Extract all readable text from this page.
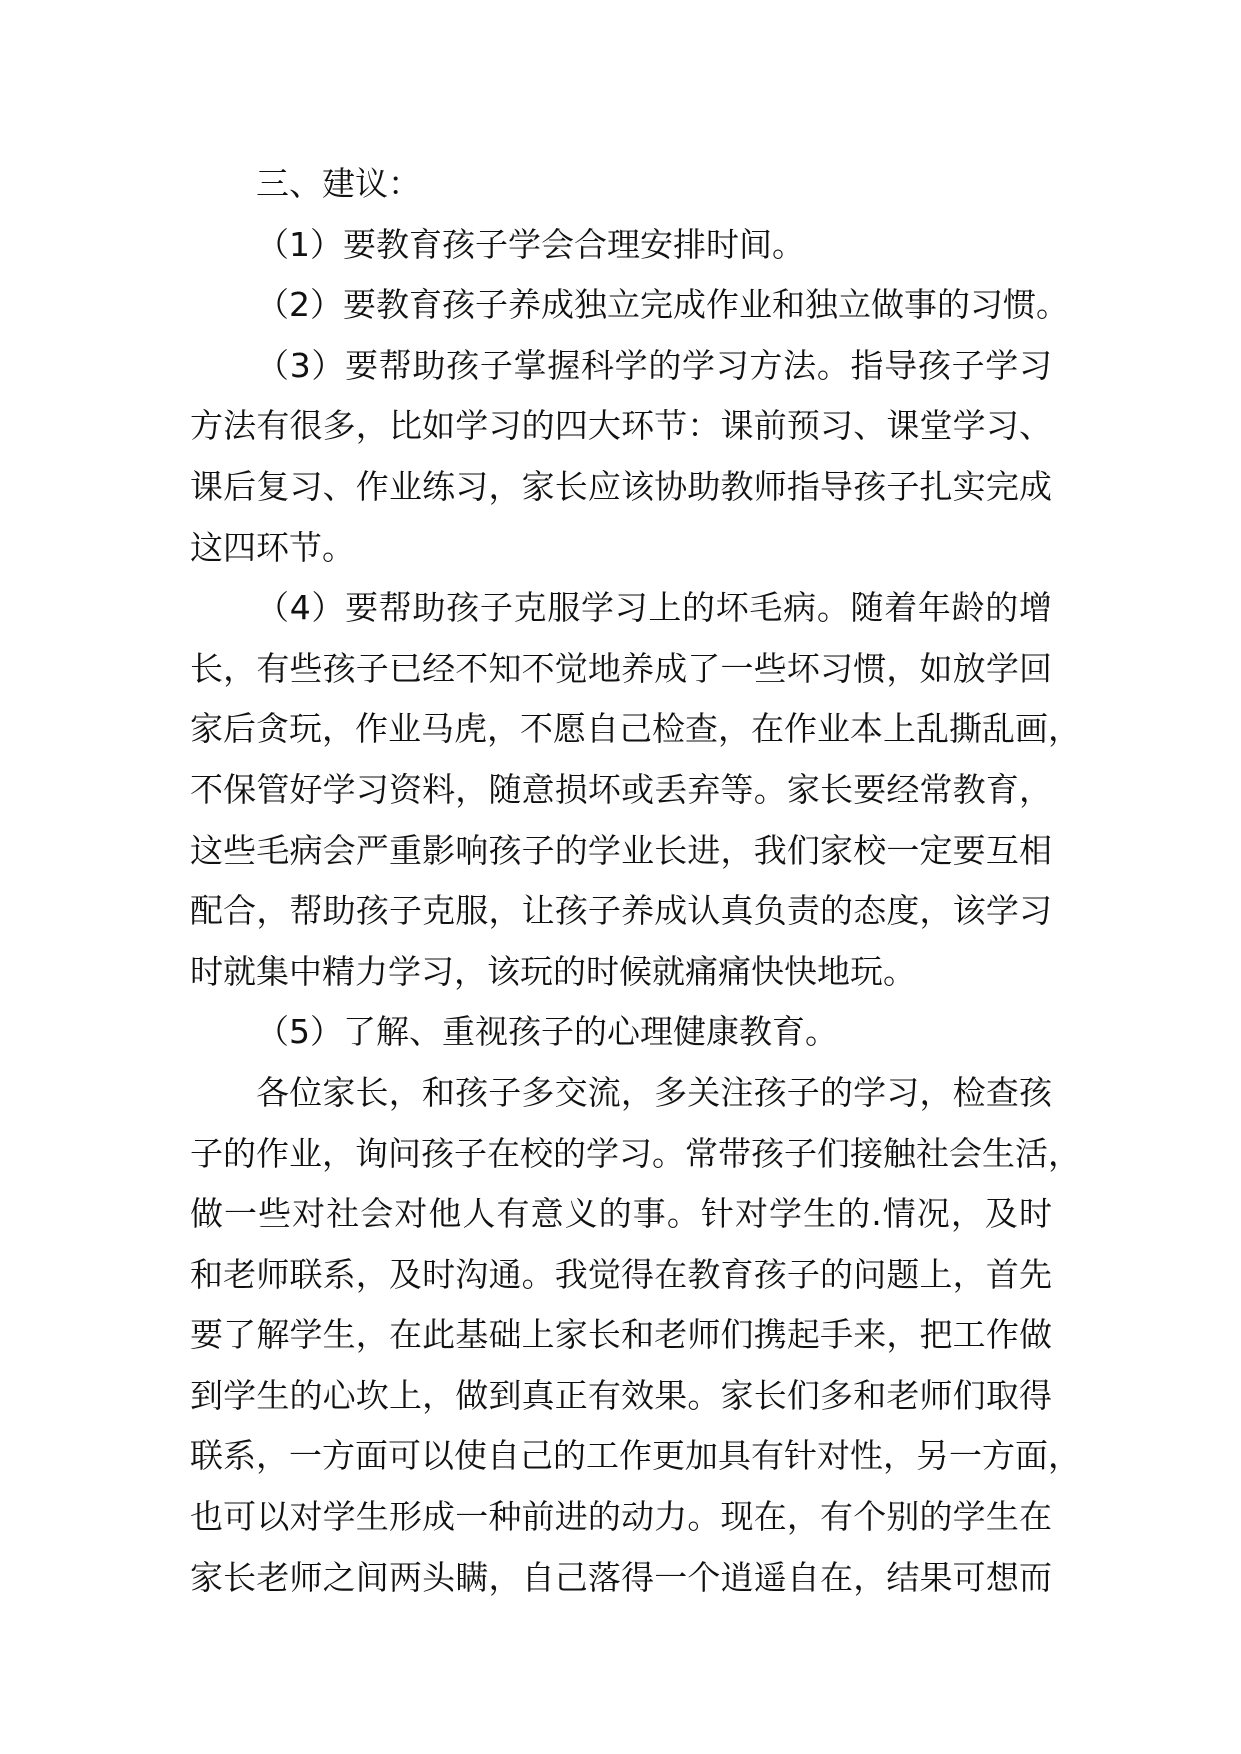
三、建议：
（1）要教育孩子学会合理安排时间。
（2）要教育孩子养成独立完成作业和独立做事的习惯。
（3）要帮助孩子掌握科学的学习方法。指导孩子学习
方法有很多，比如学习的四大环节：课前预习、课堂学习、
课后复习、作业练习，家长应该协助教师指导孩子扎实完成
这四环节。
（4）要帮助孩子克服学习上的坏毛病。随着年龄的增
长，有些孩子已经不知不觉地养成了一些坏习惯，如放学回
家后贪玩，作业马虎，不愿自己检查，在作业本上乱撕乱画，
不保管好学习资料，随意损坏或丢弃等。家长要经常教育，
这些毛病会严重影响孩子的学业长进，我们家校一定要互相
配合，帮助孩子克服，让孩子养成认真负责的态度，该学习
时就集中精力学习，该玩的时候就痛痛快快地玩。
（5）了解、重视孩子的心理健康教育。
各位家长，和孩子多交流，多关注孩子的学习，检查孩
子的作业，询问孩子在校的学习。常带孩子们接触社会生活，
做一些对社会对他人有意义的事。针对学生的.情况，及时
和老师联系，及时沟通。我觉得在教育孩子的问题上，首先
要了解学生，在此基础上家长和老师们携起手来，把工作做
到学生的心坎上，做到真正有效果。家长们多和老师们取得
联系，一方面可以使自己的工作更加具有针对性，另一方面，
也可以对学生形成一种前进的动力。现在，有个别的学生在
家长老师之间两头瞒，自己落得一个逍遥自在，结果可想而
